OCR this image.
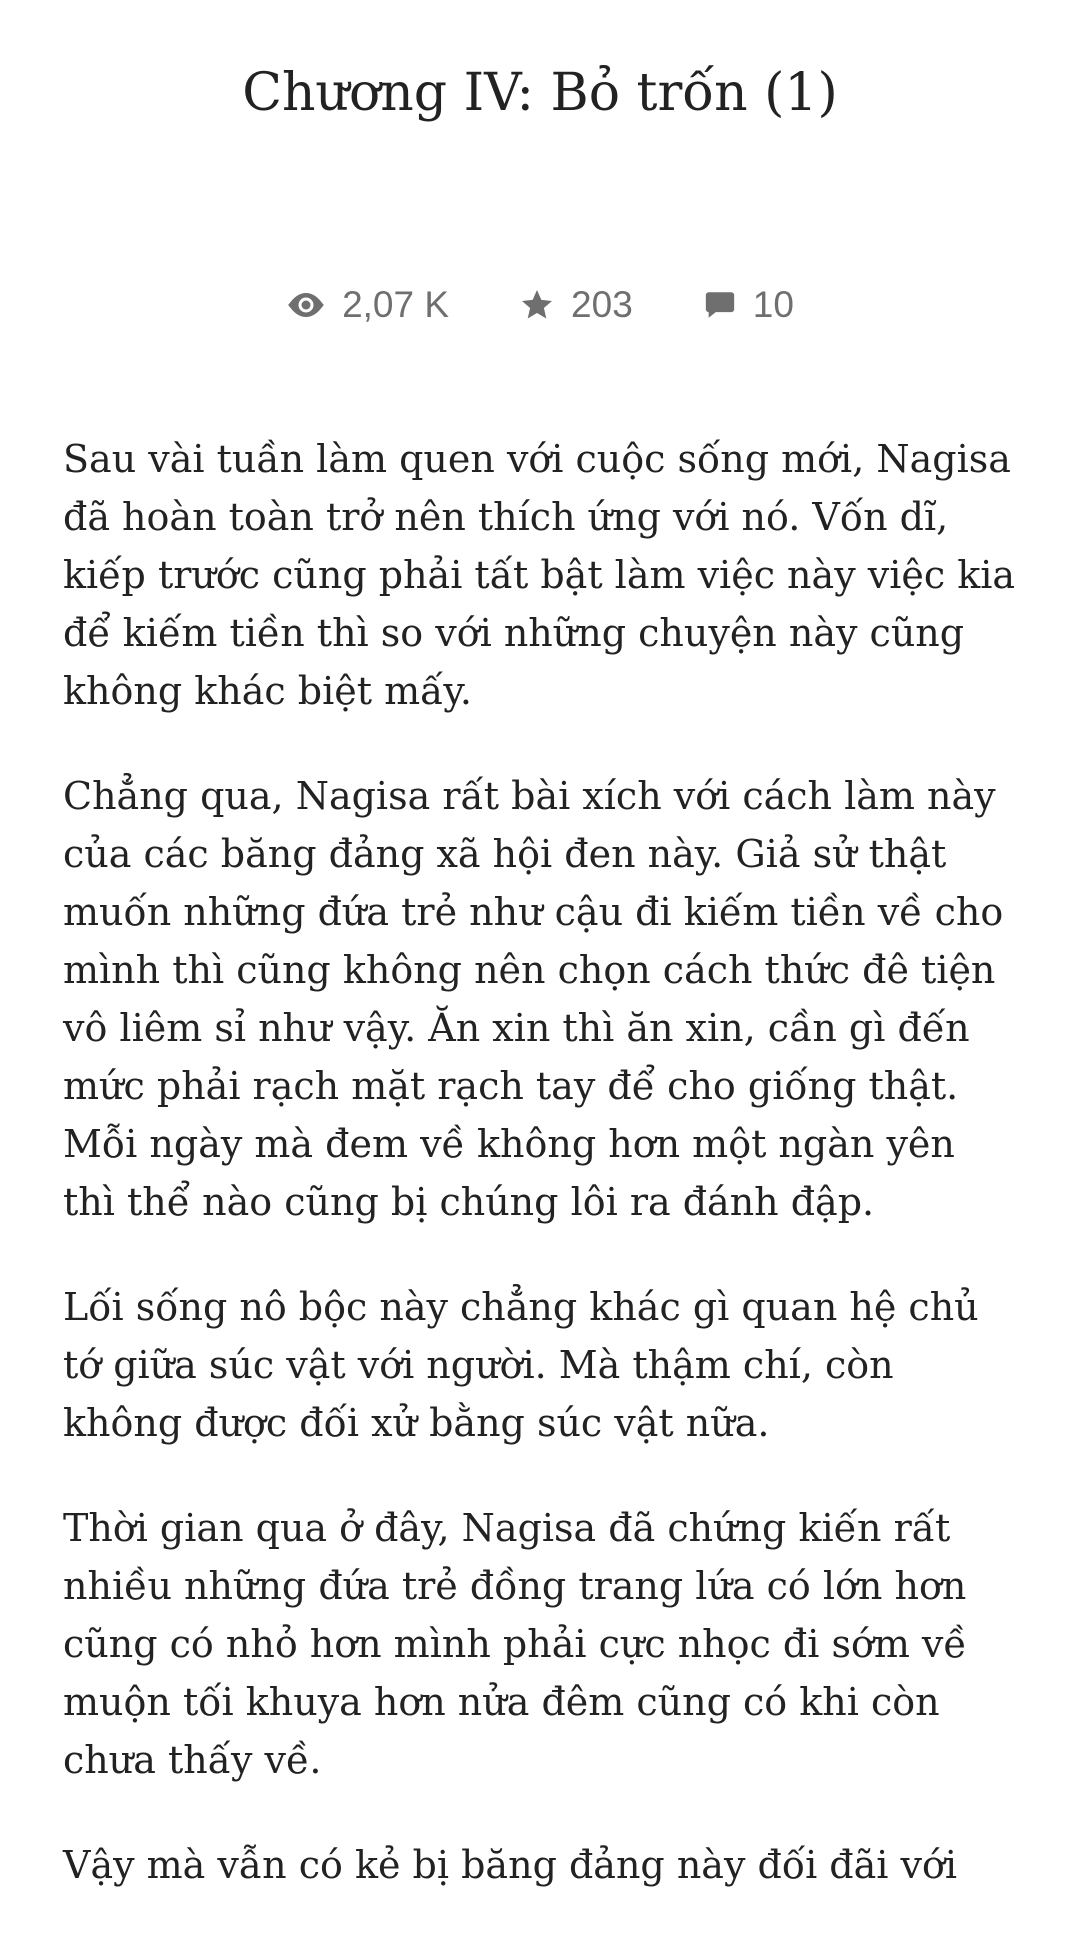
Chương IV: Bỏ trốn (1)
2,07 K	203	10

Sau vài tuần làm quen với cuộc sống mới, Nagisa đã hoàn toàn trở nên thích ứng với nó. Vốn dĩ, kiếp trước cũng phải tất bật làm việc này việc kia để kiếm tiền thì so với những chuyện này cũng không khác biệt mấy.

Chẳng qua, Nagisa rất bài xích với cách làm này của các băng đảng xã hội đen này. Giả sử thật muốn những đứa trẻ như cậu đi kiếm tiền về cho mình thì cũng không nên chọn cách thức đê tiện vô liêm sỉ như vậy. Ăn xin thì ăn xin, cần gì đến mức phải rạch mặt rạch tay để cho giống thật. Mỗi ngày mà đem về không hơn một ngàn yên thì thể nào cũng bị chúng lôi ra đánh đập.

Lối sống nô bộc này chẳng khác gì quan hệ chủ tớ giữa súc vật với người. Mà thậm chí, còn không được đối xử bằng súc vật nữa.

Thời gian qua ở đây, Nagisa đã chứng kiến rất nhiều những đứa trẻ đồng trang lứa có lớn hơn cũng có nhỏ hơn mình phải cực nhọc đi sớm về muộn tối khuya hơn nửa đêm cũng có khi còn chưa thấy về.

Vậy mà vẫn có kẻ bị băng đảng này đối đãi với
